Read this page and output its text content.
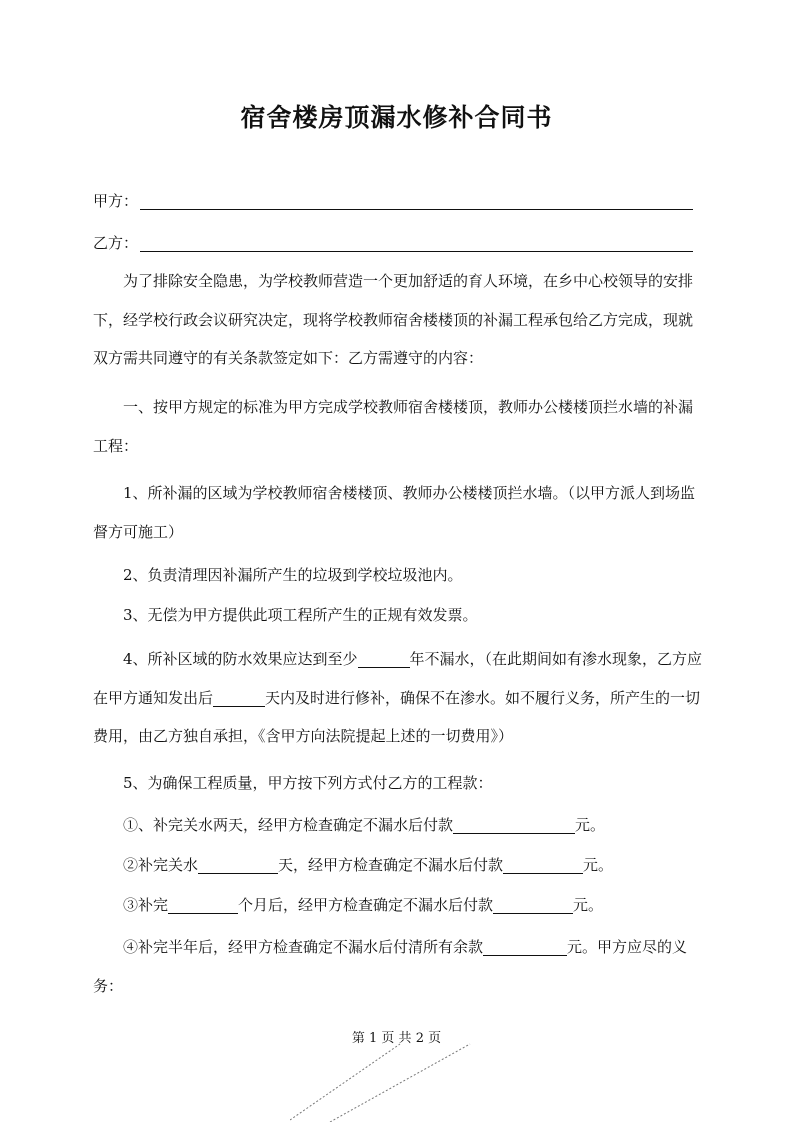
宿舍楼房顶漏水修补合同书
甲方：
乙方：

为了排除安全隐患，为学校教师营造一个更加舒适的育人环境，在乡中心校领导的安排下，经学校行政会议研究决定，现将学校教师宿舍楼楼顶的补漏工程承包给乙方完成，现就双方需共同遵守的有关条款签定如下：乙方需遵守的内容：

一、按甲方规定的标准为甲方完成学校教师宿舍楼楼顶，教师办公楼楼顶拦水墙的补漏工程：

1、所补漏的区域为学校教师宿舍楼楼顶、教师办公楼楼顶拦水墙。（以甲方派人到场监督方可施工）

2、负责清理因补漏所产生的垃圾到学校垃圾池内。

3、无偿为甲方提供此项工程所产生的正规有效发票。

4、所补区域的防水效果应达到至少	年不漏水，（在此期间如有渗水现象，乙方应在甲方通知发出后	天内及时进行修补，确保不在渗水。如不履行义务，所产生的一切费用，由乙方独自承担，《含甲方向法院提起上述的一切费用》）

5、为确保工程质量，甲方按下列方式付乙方的工程款：

①、补完关水两天，经甲方检查确定不漏水后付款	元。

②补完关水	天，经甲方检查确定不漏水后付款	元。

③补完	个月后，经甲方检查确定不漏水后付款	元。

④补完半年后，经甲方检查确定不漏水后付清所有余款	元。甲方应尽的义务：

第 1 页 共 2 页
